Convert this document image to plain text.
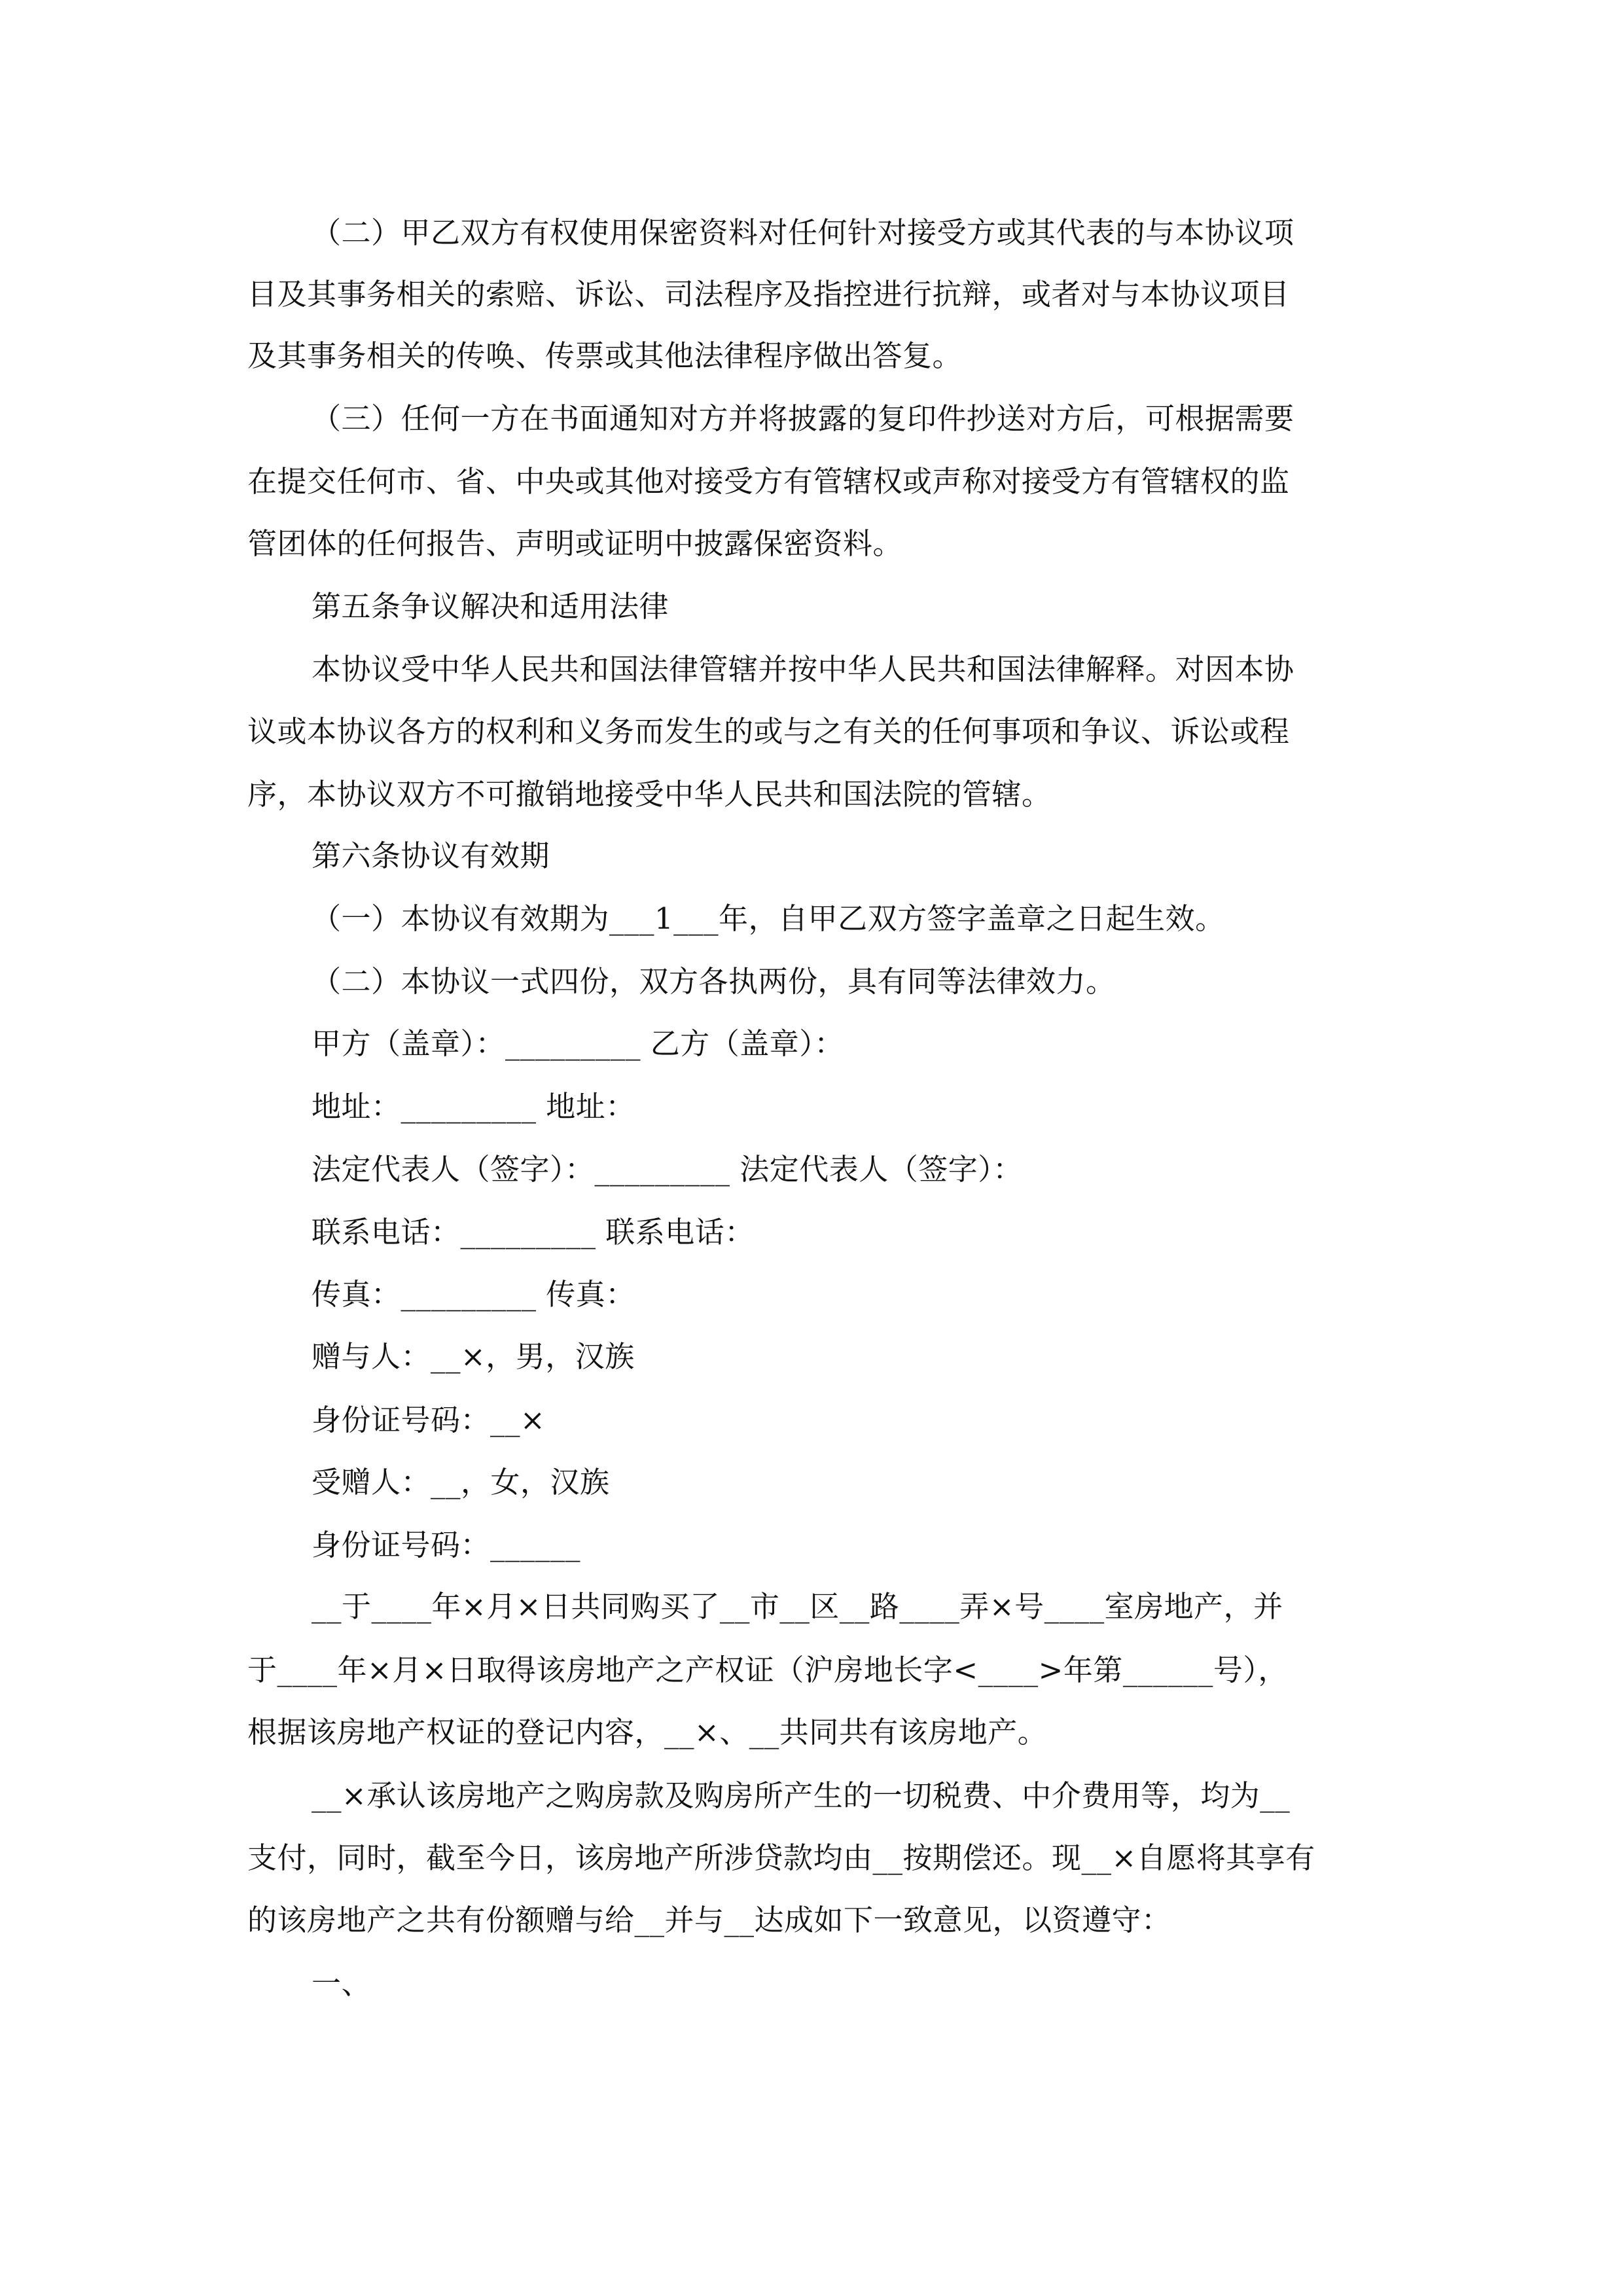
（二）甲乙双方有权使用保密资料对任何针对接受方或其代表的与本协议项
目及其事务相关的索赔、诉讼、司法程序及指控进行抗辩，或者对与本协议项目
及其事务相关的传唤、传票或其他法律程序做出答复。
（三）任何一方在书面通知对方并将披露的复印件抄送对方后，可根据需要
在提交任何市、省、中央或其他对接受方有管辖权或声称对接受方有管辖权的监
管团体的任何报告、声明或证明中披露保密资料。
第五条争议解决和适用法律
本协议受中华人民共和国法律管辖并按中华人民共和国法律解释。对因本协
议或本协议各方的权利和义务而发生的或与之有关的任何事项和争议、诉讼或程
序，本协议双方不可撤销地接受中华人民共和国法院的管辖。
第六条协议有效期
（一）本协议有效期为___1___年，自甲乙双方签字盖章之日起生效。
（二）本协议一式四份，双方各执两份，具有同等法律效力。
甲方（盖章）：_________ 乙方（盖章）：
地址：_________ 地址：
法定代表人（签字）：_________ 法定代表人（签字）：
联系电话：_________ 联系电话：
传真：_________ 传真：
赠与人：__×，男，汉族
身份证号码：__×
受赠人：__，女，汉族
身份证号码：______
__于____年×月×日共同购买了__市__区__路____弄×号____室房地产，并
于____年×月×日取得该房地产之产权证（沪房地长字<____>年第______号），
根据该房地产权证的登记内容，__×、__共同共有该房地产。
__×承认该房地产之购房款及购房所产生的一切税费、中介费用等，均为__
支付，同时，截至今日，该房地产所涉贷款均由__按期偿还。现__×自愿将其享有
的该房地产之共有份额赠与给__并与__达成如下一致意见，以资遵守：
一、
